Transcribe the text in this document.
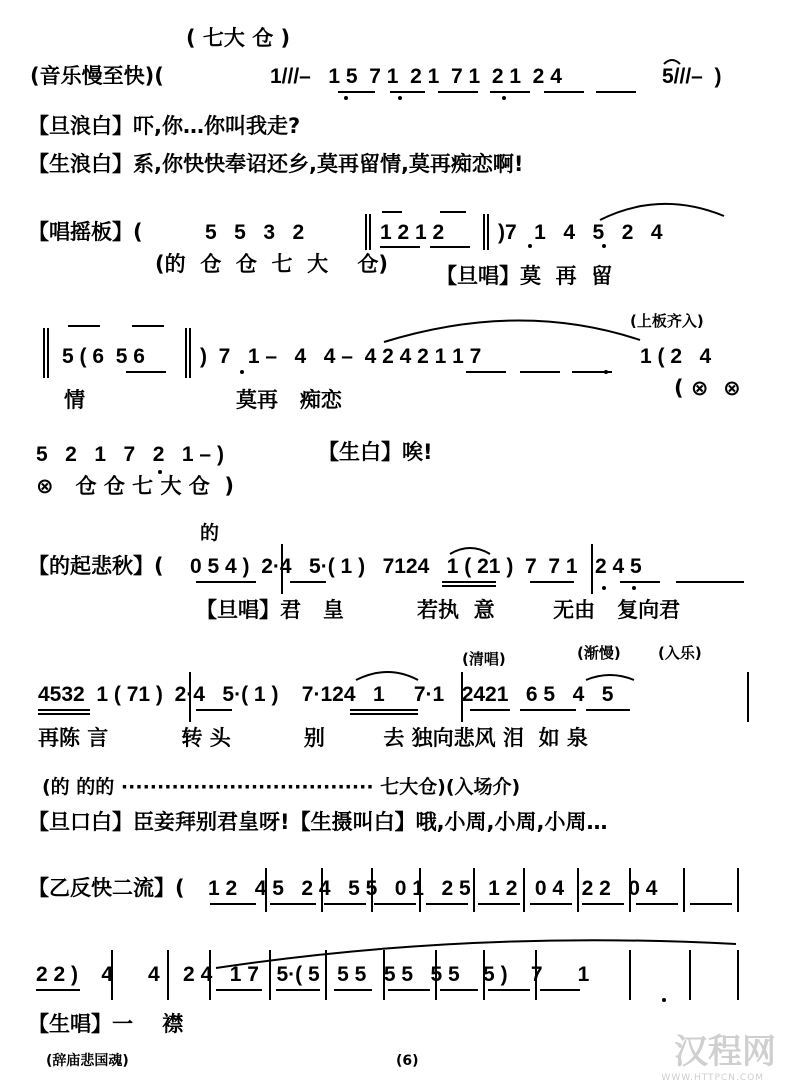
( 七大 仓 )
(音乐慢至快)(	1///–   1 5  7 1  2 1  7 1  2 1  2 4	5///–  )
【旦浪白】吓,你…你叫我走?
【生浪白】系,你快快奉诏还乡,莫再留情,莫再痴恋啊!
【唱摇板】(	5   5   3   2	1 2 1 2	)7   1   4   5   2   4
(的  仓  仓  七  大    仓) 【旦唱】莫  再  留
(上板齐入)
5 ( 6  5 6	)  7   1 –   4   4 –  4 2 4 2 1 1 7	1 ( 2   4
情	莫再   痴恋	( ⊗  ⊗
5   2   1   7   2   1 – )	【生白】唉!
⊗   仓 仓 七 大 仓  )
的
【的起悲秋】( 0 5 4 )  2·4   5·( 1 )   7124   1 ( 21 )  7  7 1   2 4 5
【旦唱】君   皇          若执  意        无由   复向君
(清唱)	(渐慢) (入乐)
4532  1 ( 71 )  2·4   5·( 1 )    7·124   1     7·1   2421   6 5   4   5
再陈 言          转 头          别        去 独向悲风 泪  如 泉
(的 的的 ··································· 七大仓)(入场介)
【旦口白】臣妾拜别君皇呀!【生摄叫白】哦,小周,小周,小周…
【乙反快二流】( 1 2   4 5   2 4   5 5   0 1   2 5   1 2   0 4   2 2   0 4
2 2 )    4      4    2 4   1 7   5·( 5   5 5   5 5   5 5    5 )    7      1
【生唱】一    襟
(辞庙悲国魂)	(6)	汉程网
WWW.HTTPCN.COM
